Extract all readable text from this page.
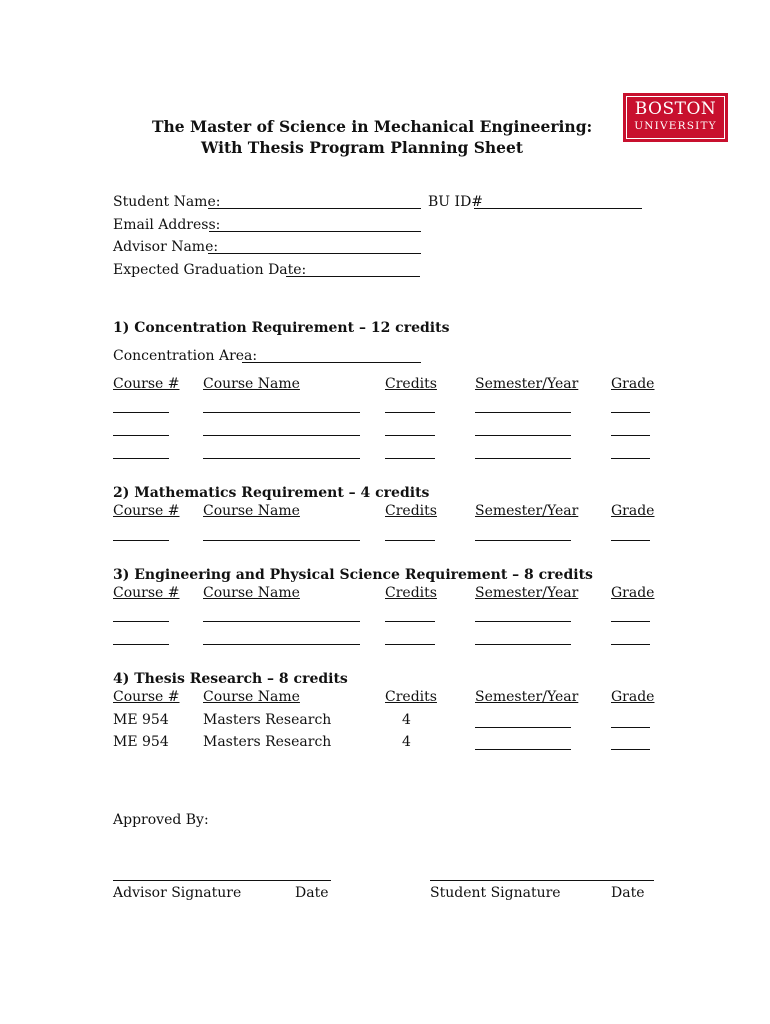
BOSTON
UNIVERSITY
The Master of Science in Mechanical Engineering:
With Thesis Program Planning Sheet
Student Name:	BU ID#
Email Address:
Advisor Name:
Expected Graduation Date:
1) Concentration Requirement – 12 credits
Concentration Area:
Course # Course Name	Credits	Semester/Year Grade
2) Mathematics Requirement – 4 credits
Course # Course Name	Credits	Semester/Year Grade
3) Engineering and Physical Science Requirement – 8 credits
Course # Course Name	Credits	Semester/Year Grade
4) Thesis Research – 8 credits
Course # Course Name	Credits	Semester/Year Grade
ME 954 Masters Research	4
ME 954 Masters Research	4
Approved By:
Advisor Signature	Date	Student Signature	Date
